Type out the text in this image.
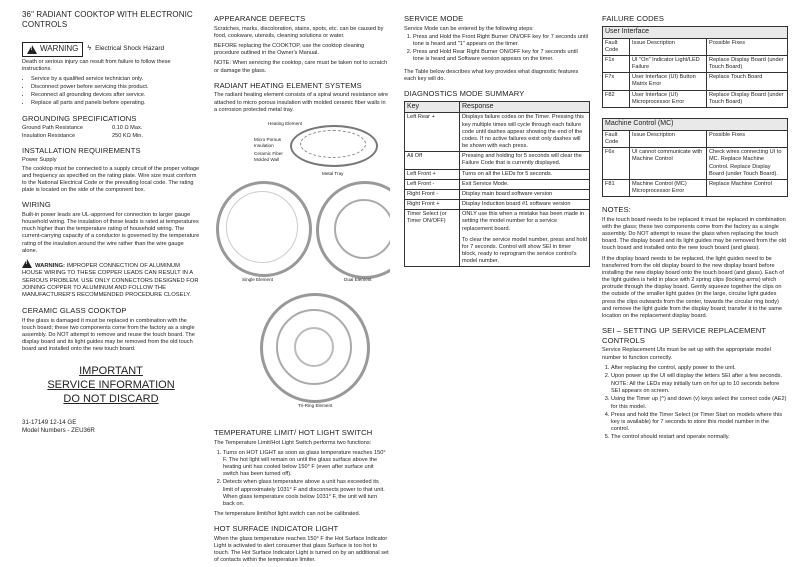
36" RADIANT COOKTOP WITH ELECTRONIC CONTROLS
!
WARNING ϟ Electrical Shock Hazard

Death or serious injury can result from failure to follow these instructions.

• Service by a qualified service technician only.
• Disconnect power before servicing this product.
• Reconnect all grounding devices after service.
• Replace all parts and panels before operating.
GROUNDING SPECIFICATIONS
Ground Path Resistance	0.10 Ω Max.
Insulation Resistance	250 KΩ Min.
INSTALLATION REQUIREMENTS

Power Supply

The cooktop must be connected to a supply circuit of the proper voltage and frequency as specified on the rating plate. Wire size must conform to the National Electrical Code or the prevailing local code. The rating plate is located on the side of the component box.

WIRING

Built-in power leads are UL-approved for connection to larger gauge household wiring. The insulation of these leads is rated at temperatures much higher than the temperature rating of household wiring. The current-carrying capacity of a conductor is governed by the temperature rating of the insulation around the wire rather than the wire gauge alone.

!WARNING: IMPROPER CONNECTION OF ALUMINUM HOUSE WIRING TO THESE COPPER LEADS CAN RESULT IN A SERIOUS PROBLEM. USE ONLY CONNECTORS DESIGNED FOR JOINING COPPER TO ALUMINUM AND FOLLOW THE MANUFACTURER'S RECOMMENDED PROCEDURE CLOSELY.

CERAMIC GLASS COOKTOP

If the glass is damaged it must be replaced in combination with the touch board; these two components come from the factory as a single assembly. Do NOT attempt to remove and reuse the touch board. The display board and its light guides may be removed from the old touch board and installed onto the new touch board.

IMPORTANT
SERVICE INFORMATION
DO NOT DISCARD
31-17149 12-14 GE
Model Numbers - ZEU36R
APPEARANCE DEFECTS

Scratches, marks, discoloration, stains, spots, etc. can be caused by food, cookware, utensils, cleaning solutions or water.

BEFORE replacing the COOKTOP, use the cooktop cleaning procedure outlined in the Owner's Manual.

NOTE: When servicing the cooktop, care must be taken not to scratch or damage the glass.

RADIANT HEATING ELEMENT SYSTEMS

The radiant heating element consists of a spiral wound resistance wire attached to micro porous insulation with molded ceramic fiber walls in a corrosion protected metal tray.

Heating Element
Micro Porous Insulation
Ceramic Fiber Molded Wall
Metal Tray
Single Element	Dual Element
Tri-Ring Element
TEMPERATURE LIMIT/ HOT LIGHT SWITCH

The Temperature Limit/Hot Light Switch performs two functions:

1. Turns on HOT LIGHT as soon as glass temperature reaches 150° F. The hot light will remain on until the glass surface above the heating unit has cooled below 150° F (even after surface unit switch has been turned off).
2. Detects when glass temperature above a unit has exceeded its limit of approximately 1031° F and disconnects power to that unit. When glass temperature cools below 1031° F, the unit will turn back on.

The temperature limit/hot light switch can not be calibrated.

HOT SURFACE INDICATOR LIGHT

When the glass temperature reaches 150° F the Hot Surface Indicator Light is activated to alert consumer that glass Surface is too hot to touch. The Hot Surface Indicator Light is turned on by an additional set of contacts within the temperature limiter.

SERVICE MODE

Service Mode can be entered by the following steps:

1. Press and Hold the Front Right Burner ON/OFF key for 7 seconds until tone is heard and "1" appears on the timer.
2. Press and Hold Rear Right Burner ON/OFF key for 7 seconds until tone is heard and Software version appears on the timer.

The Table below describes what key provides what diagnostic features each key will do.

DIAGNOSTICS MODE SUMMARY
Key	Response
Left Rear +	Displays failure codes on the Timer. Pressing this key multiple times will cycle through each failure code until dashes appear showing the end of the codes. If no active failures exist only dashes will be shown with each press.
All Off	Pressing and holding for 5 seconds will clear the Failure Code that is currently displayed.
Left Front +	Turns on all the LEDs for 5 seconds.
Left Front -	Exit Service Mode.
Right Front -	Display main board software version
Right Front +	Display Induction board #1 software version
Timer Select (or Timer ON/OFF)	ONLY use this when a mistake has been made in setting the model number for a service replacement board.
To clear the service model number, press and hold for 7 seconds. Control will show SEI in timer block, ready to reprogram the service control's model number.
FAILURE CODES
User Interface		
Fault Code	Issue Description	Possible Fixes
F1x	UI "On" Indicator Light/LED Failure	Replace Display Board (under Touch Board)
F7x	User Interface (UI) Button Matrix Error	Replace Touch Board
F82	User Interface (UI) Microprocessor Error	Replace Display Board (under Touch Board)
Machine Control (MC)		
Fault Code	Issue Description	Possible Fixes
F6x	UI cannot communicate with Machine Control	Check wires connecting UI to MC. Replace Machine Control. Replace Display Board (under Touch Board).
F81	Machine Control (MC) Microprocessor Error	Replace Machine Control
NOTES:

If the touch board needs to be replaced it must be replaced in combination with the glass; these two components come from the factory as a single assembly. Do NOT attempt to reuse the glass when replacing the touch board. The display board and its light guides may be removed from the old touch board and installed onto the new touch board (and glass).

If the display board needs to be replaced, the light guides need to be transferred from the old display board to the new display board before installing the new display board onto the touch board (and glass). Each of the light guides is held in place with 2 spring clips (locking arms) which protrude through the display board. Gently squeeze together the clips on the outside of the smaller light guides (in the large, circular light guides press the clips outwards from the center, towards the circular ring body) and remove the light guide from the display board; transfer it to the same location on the replacement display board.

SEI – SETTING UP SERVICE REPLACEMENT CONTROLS

Service Replacement UIs must be set up with the appropriate model number to function correctly.

1. After replacing the control, apply power to the unit.
2. Upon power up the UI will display the letters SEI after a few seconds.
NOTE: All the LEDs may initially turn on for up to 10 seconds before SEI appears on screen.
3. Using the Timer up (^) and down (v) keys select the correct code (AE2) for this model.
4. Press and hold the Timer Select (or Timer Start on models where this key is available) for 7 seconds to store this model number in the control.
5. The control should restart and operate normally.
